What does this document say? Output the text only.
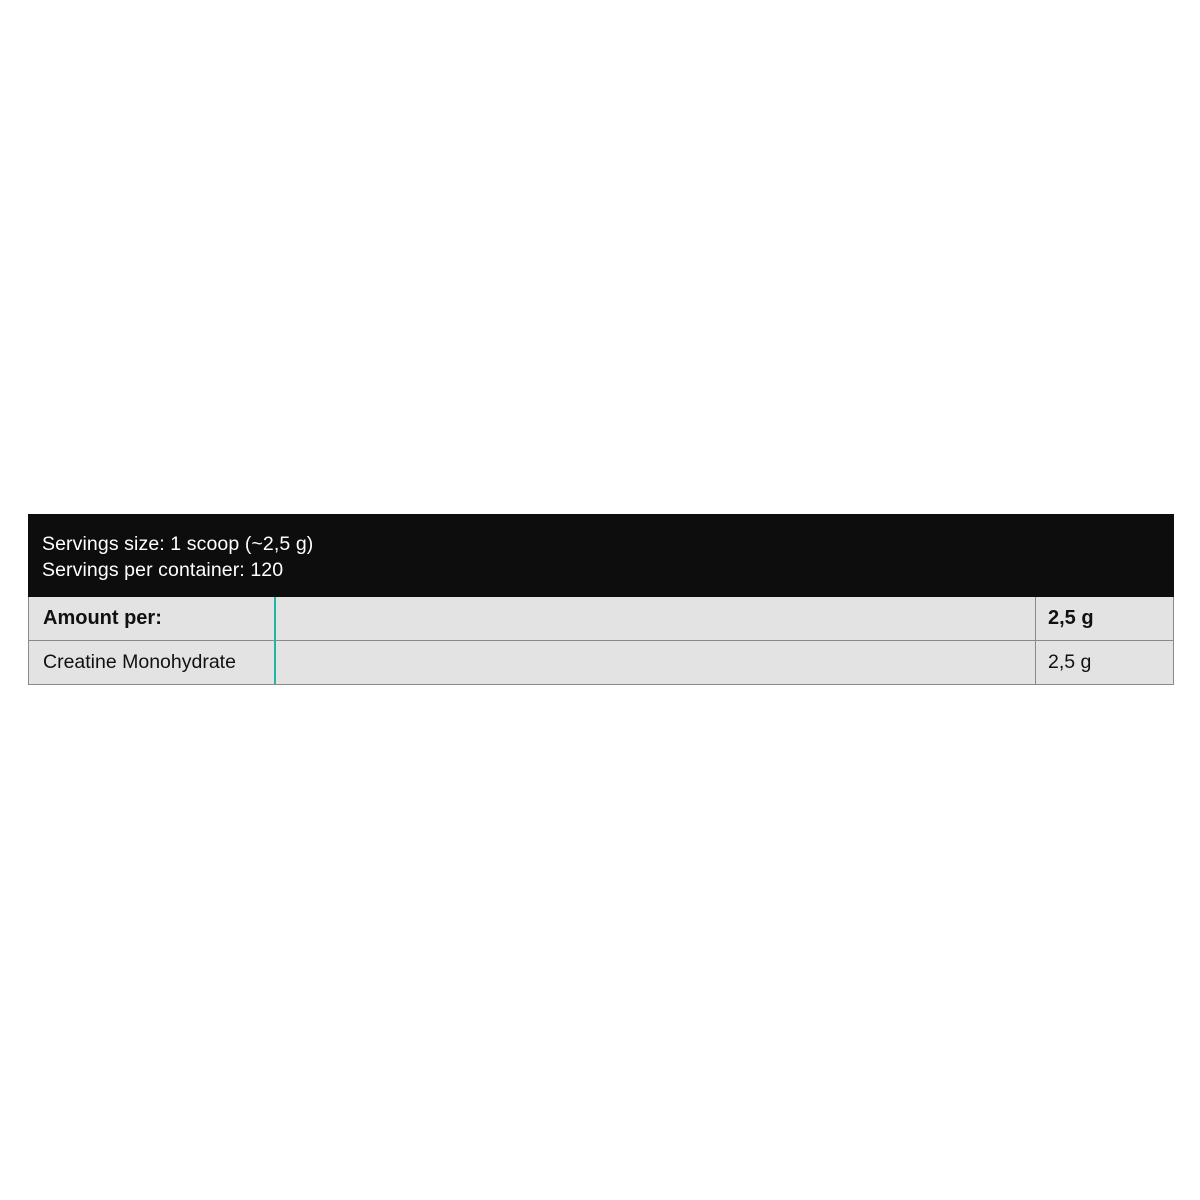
Servings size: 1 scoop (~2,5 g)
Servings per container: 120
Amount per:	2,5 g
Creatine Monohydrate	2,5 g
